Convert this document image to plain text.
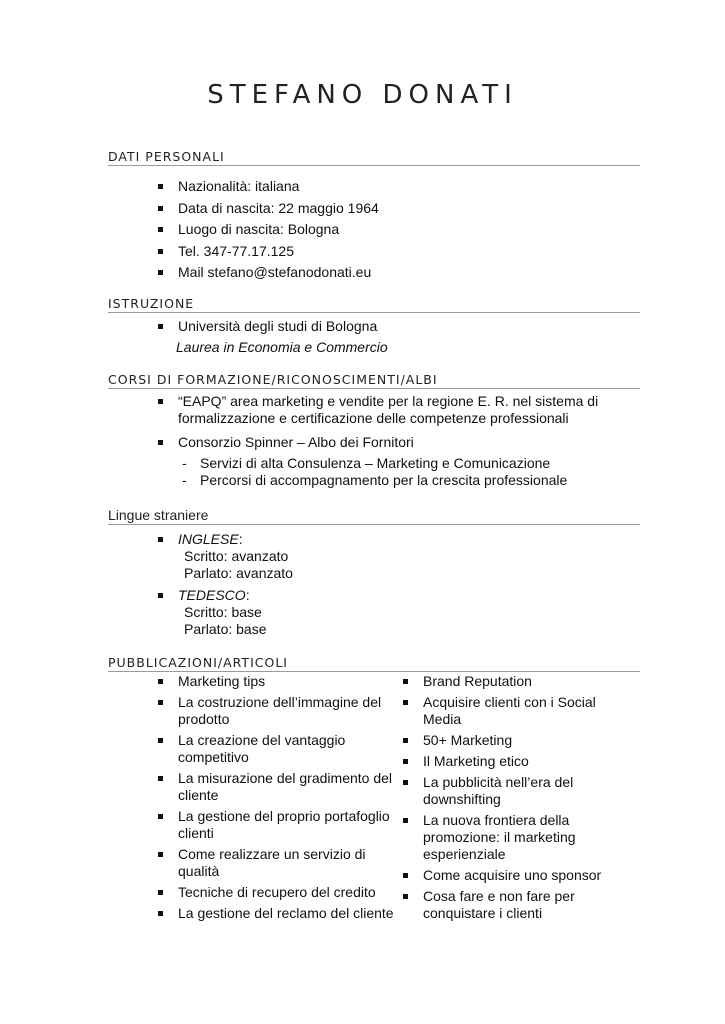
STEFANO DONATI
DATI PERSONALI
Nazionalità: italiana
Data di nascita: 22 maggio 1964
Luogo di nascita: Bologna
Tel. 347-77.17.125
Mail stefano@stefanodonati.eu
ISTRUZIONE
Università degli studi di Bologna
Laurea in Economia e Commercio
CORSI DI FORMAZIONE/RICONOSCIMENTI/ALBI
“EAPQ” area marketing e vendite per la regione E. R. nel sistema di formalizzazione e certificazione delle competenze professionali
Consorzio Spinner – Albo dei Fornitori
- Servizi di alta Consulenza – Marketing e Comunicazione
- Percorsi di accompagnamento per la crescita professionale
Lingue straniere
INGLESE:
Scritto: avanzato
Parlato: avanzato
TEDESCO:
Scritto: base
Parlato: base
PUBBLICAZIONI/ARTICOLI
Marketing tips
La costruzione dell’immagine del prodotto
La creazione del vantaggio competitivo
La misurazione del gradimento del cliente
La gestione del proprio portafoglio clienti
Come realizzare un servizio di qualità
Tecniche di recupero del credito
La gestione del reclamo del cliente
Brand Reputation
Acquisire clienti con i Social Media
50+ Marketing
Il Marketing etico
La pubblicità nell’era del downshifting
La nuova frontiera della promozione: il marketing esperienziale
Come acquisire uno sponsor
Cosa fare e non fare per conquistare i clienti
